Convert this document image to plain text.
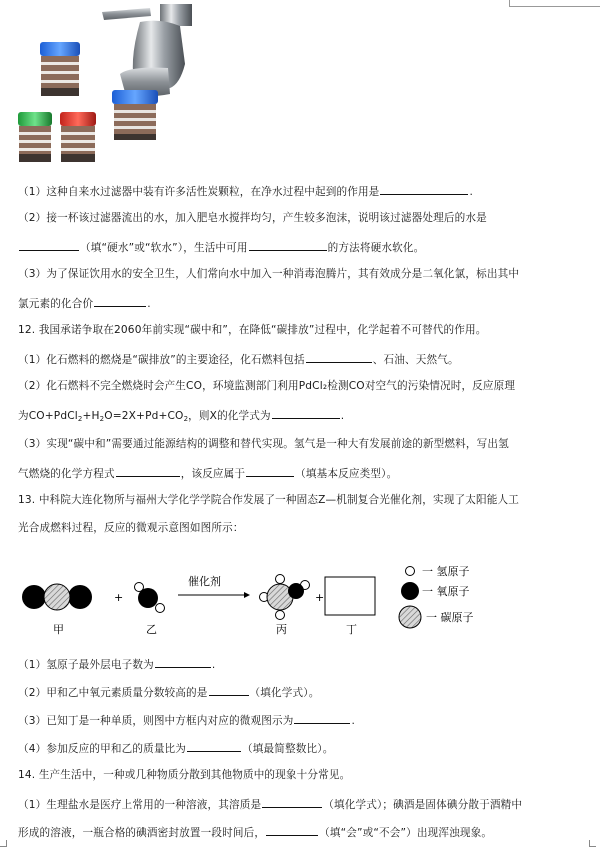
（1）这种自来水过滤器中装有许多活性炭颗粒，在净水过程中起到的作用是	.
（2）接一杯该过滤器流出的水，加入肥皂水搅拌均匀，产生较多泡沫，说明该过滤器处理后的水是
（填“硬水”或“软水”），生活中可用	的方法将硬水软化。
（3）为了保证饮用水的安全卫生，人们常向水中加入一种消毒泡腾片，其有效成分是二氧化氯，标出其中
氯元素的化合价	.
12. 我国承诺争取在2060年前实现“碳中和”，在降低“碳排放”过程中，化学起着不可替代的作用。
（1）化石燃料的燃烧是“碳排放”的主要途径，化石燃料包括	、石油、天然气。
（2）化石燃料不完全燃烧时会产生CO，环境监测部门利用PdCl₂检测CO对空气的污染情况时，反应原理
为$CO+PdCl_2+H_2O=2X+Pd+CO_2$，则X的化学式为	.
（3）实现“碳中和”需要通过能源结构的调整和替代实现。氢气是一种大有发展前途的新型燃料，写出氢
气燃烧的化学方程式	，该反应属于	（填基本反应类型）。
13. 中科院大连化物所与福州大学化学学院合作发展了一种固态Z—机制复合光催化剂，实现了太阳能人工
光合成燃料过程，反应的微观示意图如图所示：
+
催化剂
+
甲	乙	丙	丁
一 氢原子
一 氧原子
一 碳原子
（1）氢原子最外层电子数为	.
（2）甲和乙中氧元素质量分数较高的是	（填化学式）。
（3）已知丁是一种单质，则图中方框内对应的微观图示为	.
（4）参加反应的甲和乙的质量比为	（填最简整数比）。
14. 生产生活中，一种或几种物质分散到其他物质中的现象十分常见。
（1）生理盐水是医疗上常用的一种溶液，其溶质是	（填化学式）；碘酒是固体碘分散于酒精中
形成的溶液，一瓶合格的碘酒密封放置一段时间后，	（填“会”或“不会”）出现浑浊现象。
